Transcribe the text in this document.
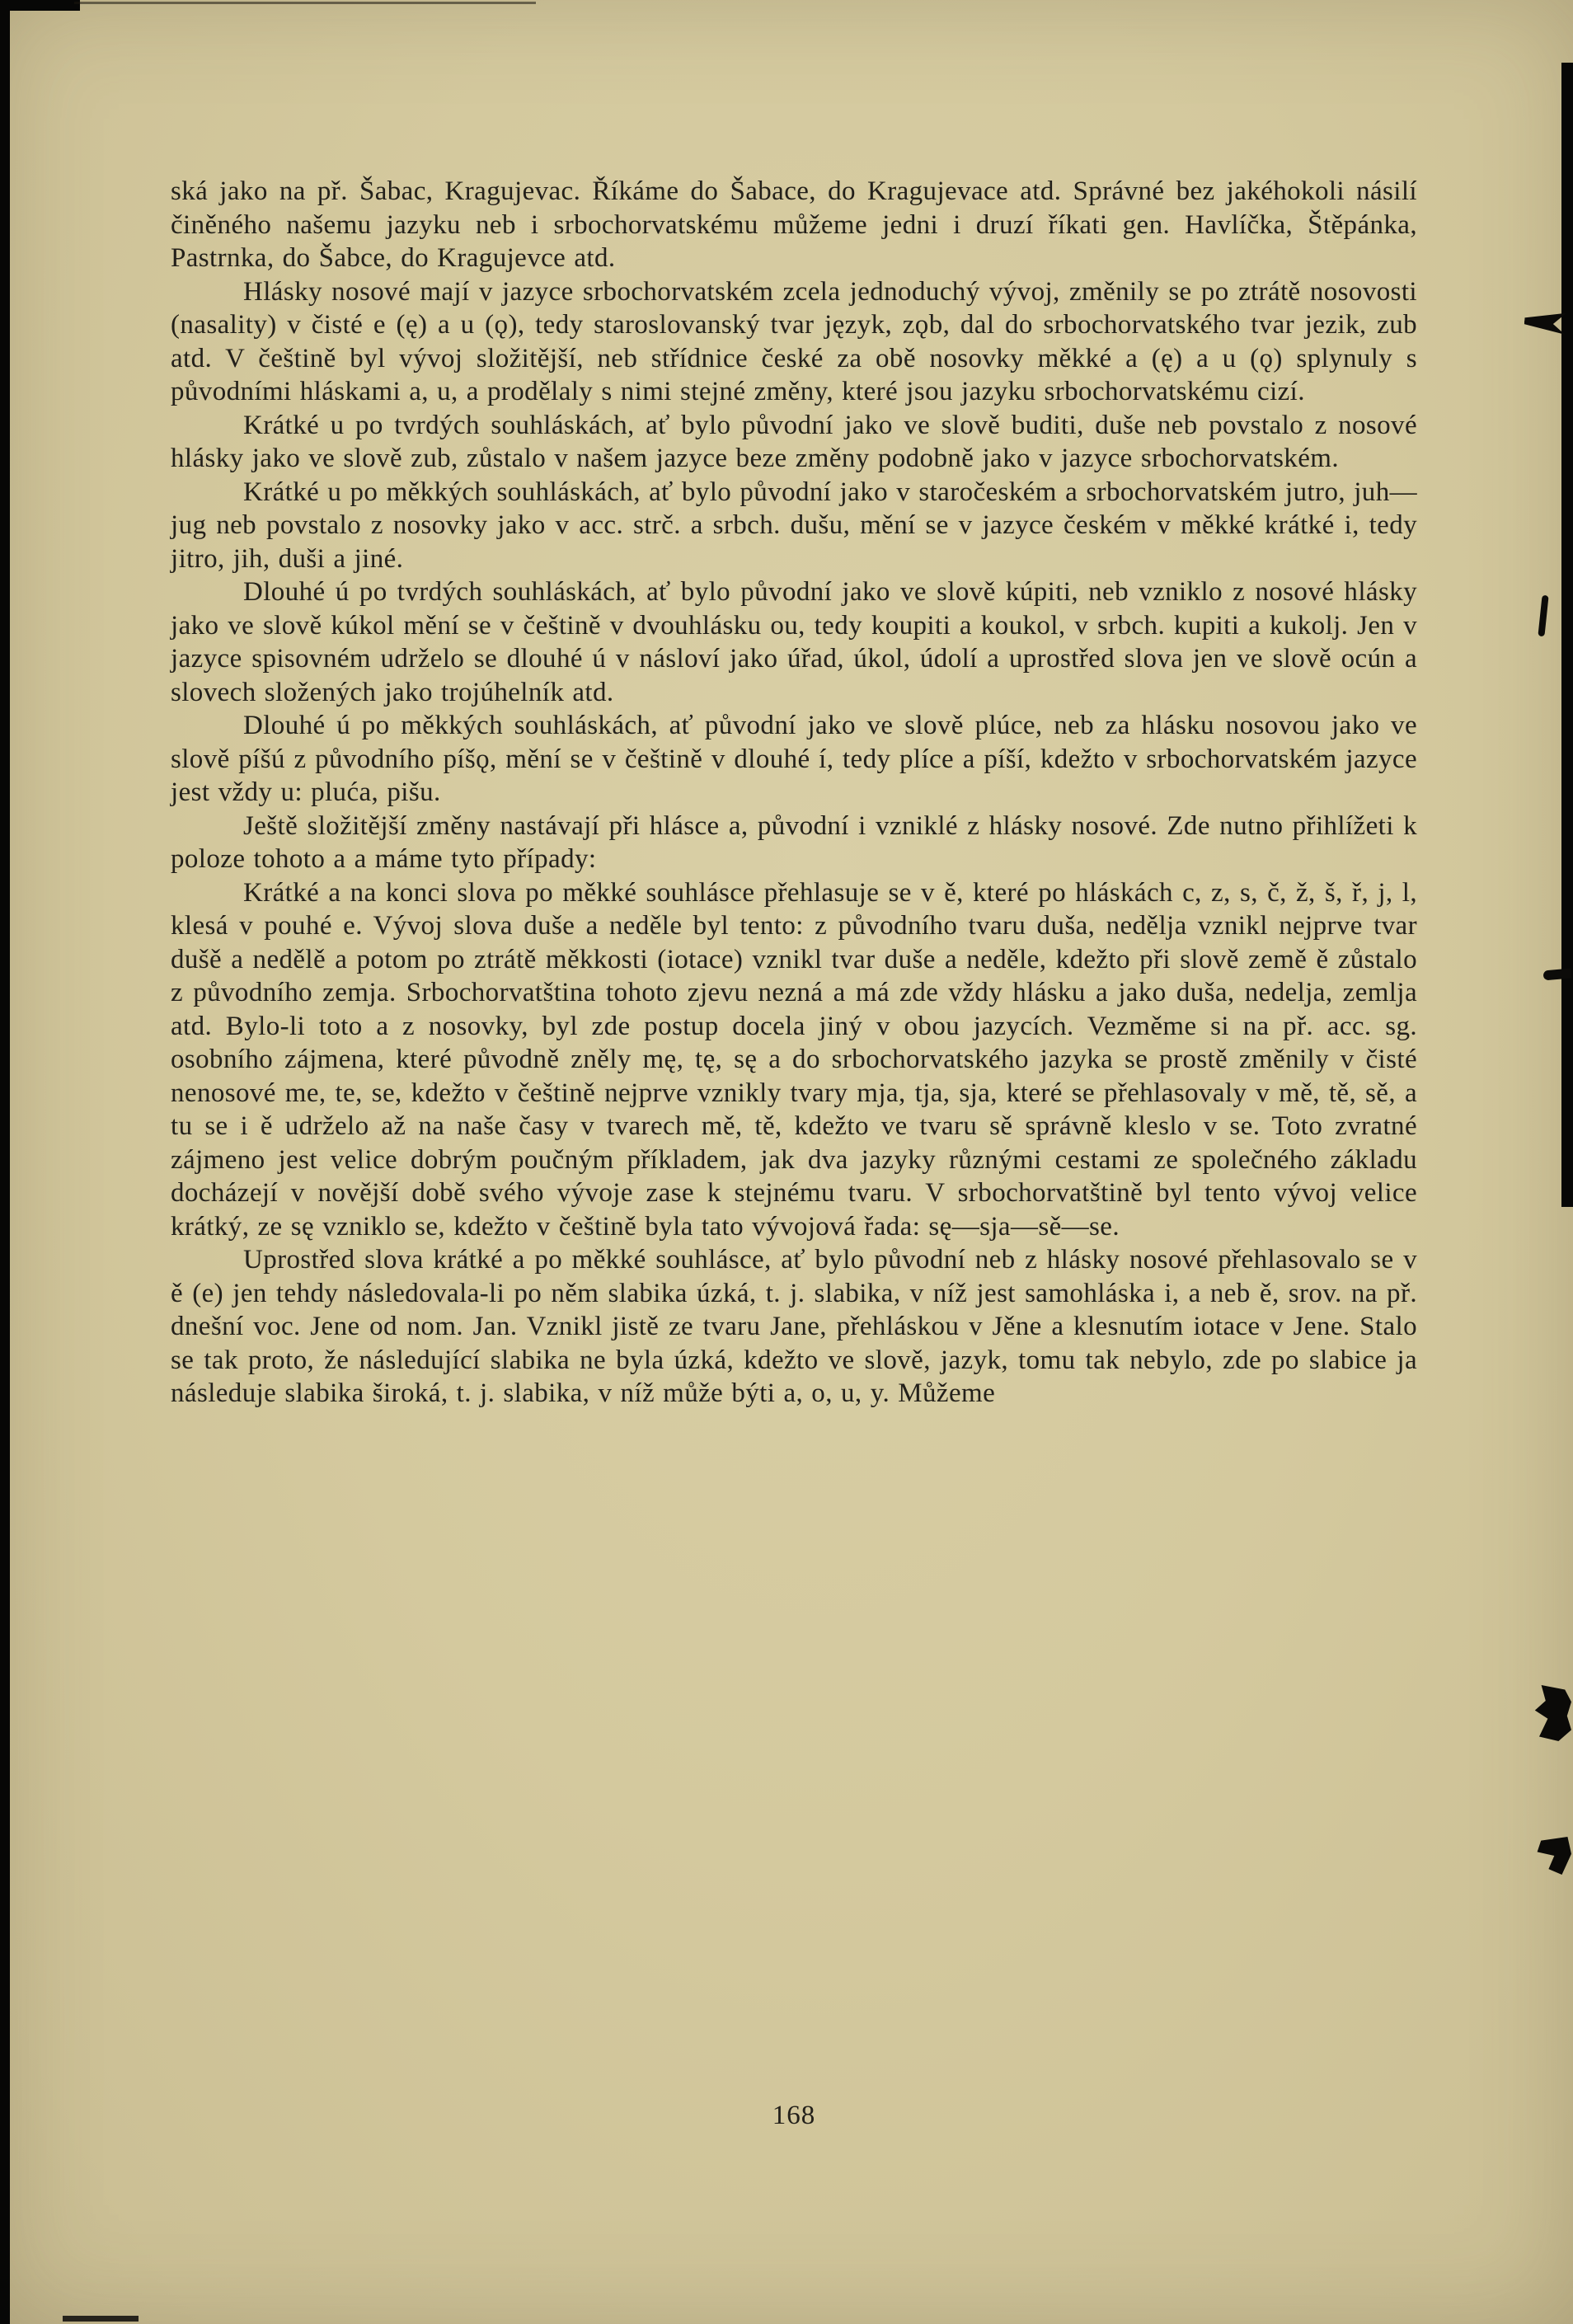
ská jako na př. Šabac, Kragujevac. Říkáme do Šabace, do Kragujevace atd. Správné bez jakéhokoli násilí činěného našemu jazyku neb i srbochorvatskému můžeme jedni i druzí říkati gen. Havlíčka, Štěpánka, Pastrnka, do Šabce, do Kragujevce atd.

Hlásky nosové mají v jazyce srbochorvatském zcela jednoduchý vývoj, změnily se po ztrátě nosovosti (nasality) v čisté e (ę) a u (ǫ), tedy staroslovanský tvar język, zǫb, dal do srbochorvatského tvar jezik, zub atd. V češtině byl vývoj složitější, neb střídnice české za obě nosovky měkké a (ę) a u (ǫ) splynuly s původními hláskami a, u, a prodělaly s nimi stejné změny, které jsou jazyku srbochorvatskému cizí.

Krátké u po tvrdých souhláskách, ať bylo původní jako ve slově buditi, duše neb povstalo z nosové hlásky jako ve slově zub, zůstalo v našem jazyce beze změny podobně jako v jazyce srbochorvatském.

Krátké u po měkkých souhláskách, ať bylo původní jako v staročeském a srbochorvatském jutro, juh—jug neb povstalo z nosovky jako v acc. strč. a srbch. dušu, mění se v jazyce českém v měkké krátké i, tedy jitro, jih, duši a jiné.

Dlouhé ú po tvrdých souhláskách, ať bylo původní jako ve slově kúpiti, neb vzniklo z nosové hlásky jako ve slově kúkol mění se v češtině v dvouhlásku ou, tedy koupiti a koukol, v srbch. kupiti a kukolj. Jen v jazyce spisovném udrželo se dlouhé ú v násloví jako úřad, úkol, údolí a uprostřed slova jen ve slově ocún a slovech složených jako trojúhelník atd.

Dlouhé ú po měkkých souhláskách, ať původní jako ve slově plúce, neb za hlásku nosovou jako ve slově píšú z původního píšǫ, mění se v češtině v dlouhé í, tedy plíce a píší, kdežto v srbochorvatském jazyce jest vždy u: pluća, pišu.

Ještě složitější změny nastávají při hlásce a, původní i vzniklé z hlásky nosové. Zde nutno přihlížeti k poloze tohoto a a máme tyto případy:

Krátké a na konci slova po měkké souhlásce přehlasuje se v ě, které po hláskách c, z, s, č, ž, š, ř, j, l, klesá v pouhé e. Vývoj slova duše a neděle byl tento: z původního tvaru duša, nedělja vznikl nejprve tvar dušě a nedělě a potom po ztrátě měkkosti (iotace) vznikl tvar duše a neděle, kdežto při slově země ě zůstalo z původního zemja. Srbochorvatština tohoto zjevu nezná a má zde vždy hlásku a jako duša, nedelja, zemlja atd. Bylo-li toto a z nosovky, byl zde postup docela jiný v obou jazycích. Vezměme si na př. acc. sg. osobního zájmena, které původně zněly mę, tę, sę a do srbochorvatského jazyka se prostě změnily v čisté nenosové me, te, se, kdežto v češtině nejprve vznikly tvary mja, tja, sja, které se přehlasovaly v mě, tě, sě, a tu se i ě udrželo až na naše časy v tvarech mě, tě, kdežto ve tvaru sě správně kleslo v se. Toto zvratné zájmeno jest velice dobrým poučným příkladem, jak dva jazyky různými cestami ze společného základu docházejí v novější době svého vývoje zase k stejnému tvaru. V srbochorvatštině byl tento vývoj velice krátký, ze sę vzniklo se, kdežto v češtině byla tato vývojová řada: sę—sja—sě—se.

Uprostřed slova krátké a po měkké souhlásce, ať bylo původní neb z hlásky nosové přehlasovalo se v ě (e) jen tehdy následovala-li po něm slabika úzká, t. j. slabika, v níž jest samohláska i, a neb ě, srov. na př. dnešní voc. Jene od nom. Jan. Vznikl jistě ze tvaru Jane, přehláskou v Jěne a klesnutím iotace v Jene. Stalo se tak proto, že následující slabika ne byla úzká, kdežto ve slově, jazyk, tomu tak nebylo, zde po slabice ja následuje slabika široká, t. j. slabika, v níž může býti a, o, u, y. Můžeme

168
